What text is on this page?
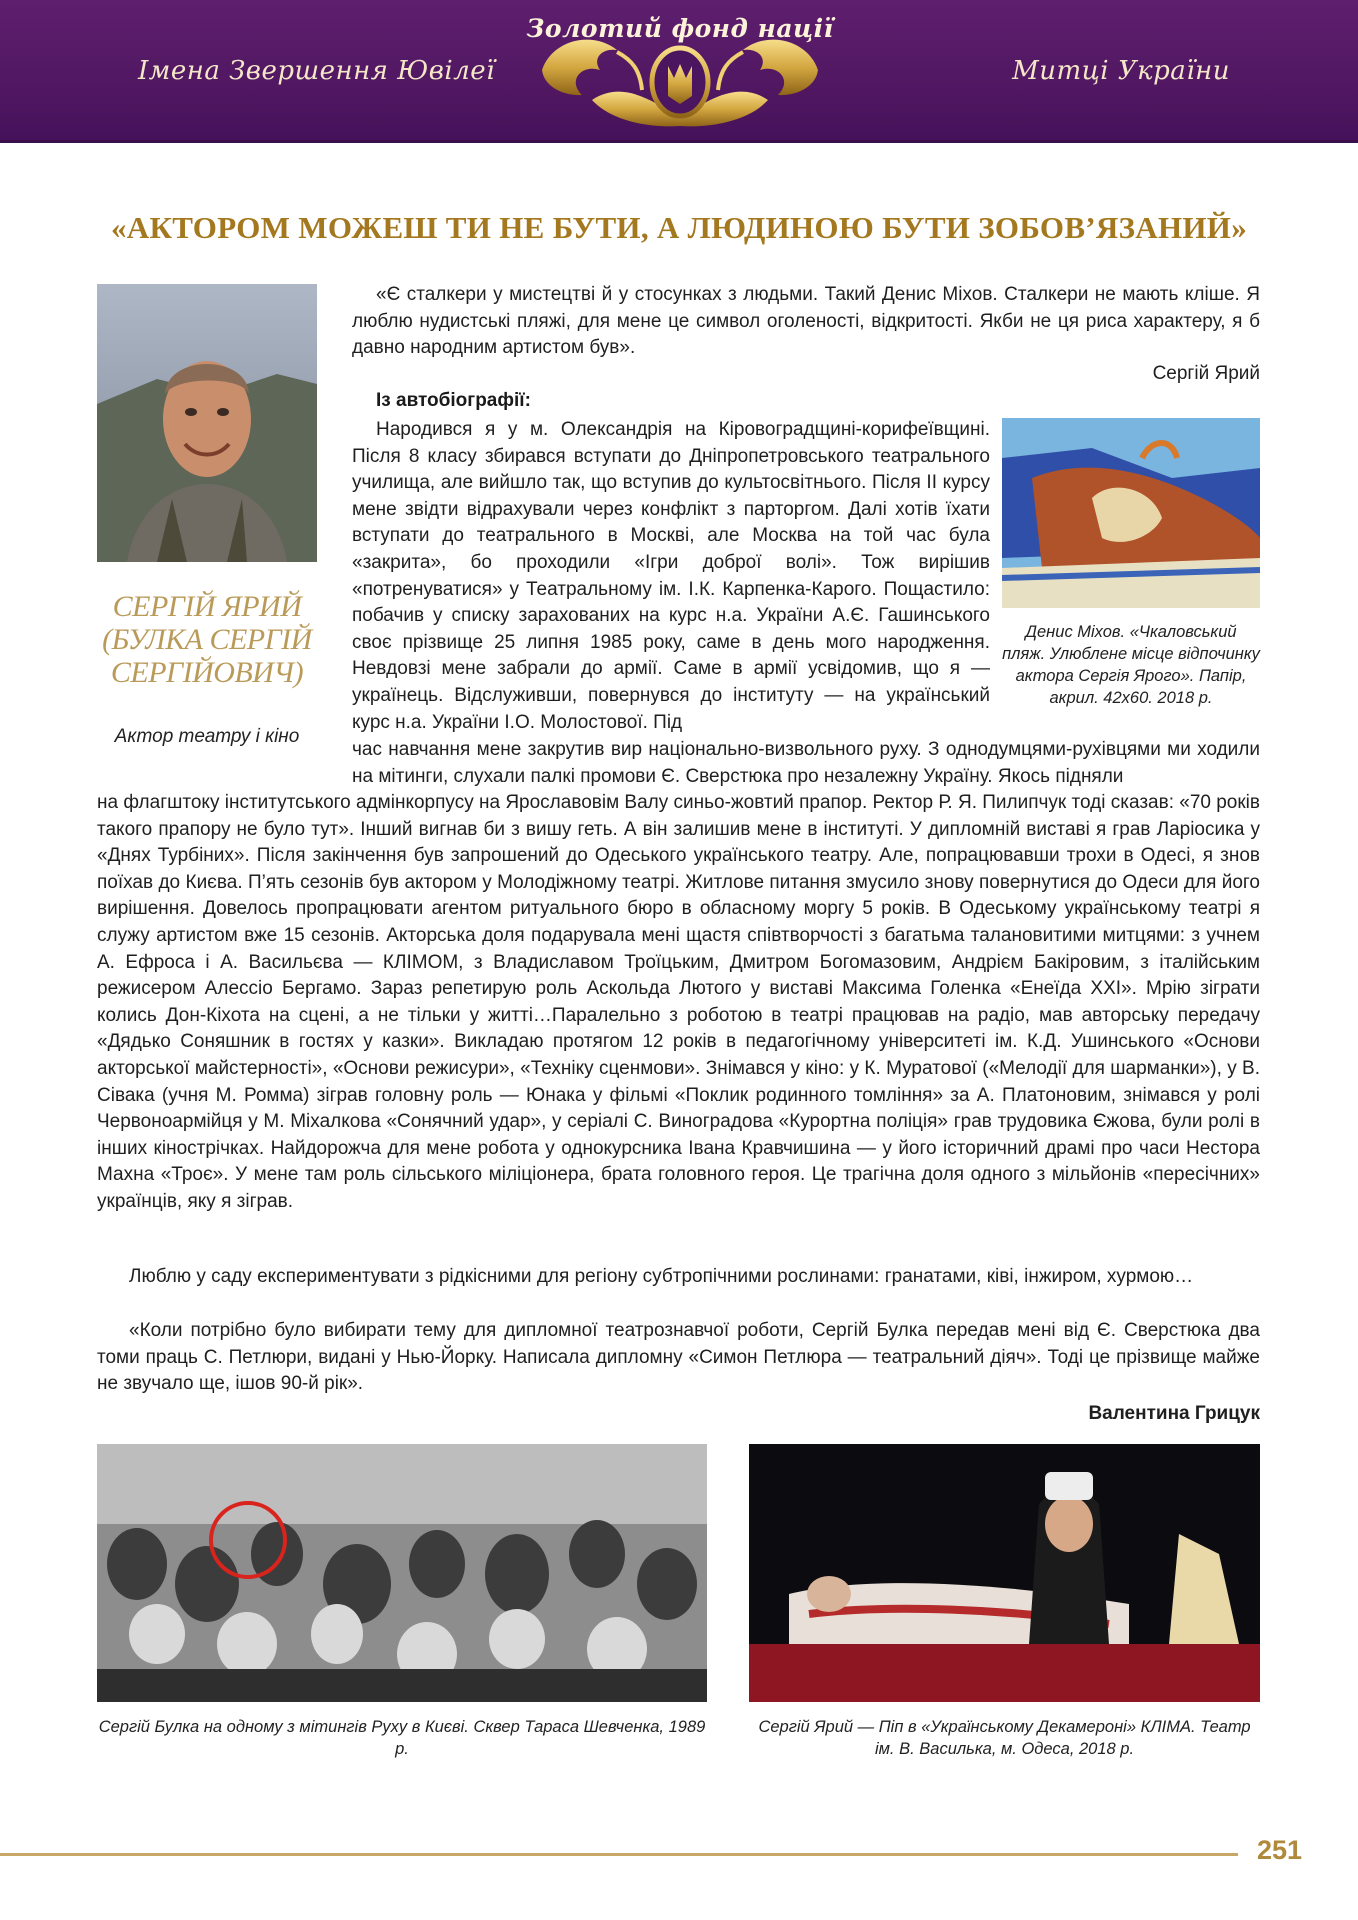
Імена Звершення Ювілеї
Золотий фонд нації
Митці України
«АКТОРОМ МОЖЕШ ТИ НЕ БУТИ, А ЛЮДИНОЮ БУТИ ЗОБОВ’ЯЗАНИЙ»
СЕРГІЙ ЯРИЙ (БУЛКА СЕРГІЙ СЕРГІЙОВИЧ)
Актор театру і кіно

«Є сталкери у мистецтві й у стосунках з людьми. Такий Денис Міхов. Сталкери не мають кліше. Я люблю нудистські пляжі, для мене це символ оголеності, відкритості. Якби не ця риса характеру, я б давно народним артистом був».

Сергій Ярий
Із автобіографії:

Народився я у м. Олександрія на Кіровоградщині-корифеївщині. Після 8 класу збирався вступати до Дніпропетровського театрального училища, але вийшло так, що вступив до культосвітнього. Після ІІ курсу мене звідти відрахували через конфлікт з парторгом. Далі хотів їхати вступати до театрального в Москві, але Москва на той час була «закрита», бо проходили «Ігри доброї волі». Тож вирішив «потренуватися» у Театральному ім. І.К. Карпенка-Карого. Пощастило: побачив у списку зарахованих на курс н.а. України А.Є. Гашинського своє прізвище 25 липня 1985 року, саме в день мого народження. Невдовзі мене забрали до армії. Саме в армії усвідомив, що я — українець. Відслуживши, повернувся до інституту — на український курс н.а. України І.О. Молостової. Під

Денис Міхов. «Чкаловський пляж. Улюблене місце відпочинку актора Сергія Ярого». Папір, акрил. 42х60. 2018 р.

час навчання мене закрутив вир національно-визвольного руху. З однодумцями-рухівцями ми ходили на мітинги, слухали палкі промови Є. Сверстюка про незалежну Україну. Якось підняли

на флагштоку інститутського адмінкорпусу на Ярославовім Валу синьо-жовтий прапор. Ректор Р. Я. Пилипчук тоді сказав: «70 років такого прапору не було тут». Інший вигнав би з вишу геть. А він залишив мене в інституті. У дипломній виставі я грав Ларіосика у «Днях Турбіних». Після закінчення був запрошений до Одеського українського театру. Але, попрацювавши трохи в Одесі, я знов поїхав до Києва. П’ять сезонів був актором у Молодіжному театрі. Житлове питання змусило знову повернутися до Одеси для його вирішення. Довелось пропрацювати агентом ритуального бюро в обласному моргу 5 років. В Одеському українському театрі я служу артистом вже 15 сезонів. Акторська доля подарувала мені щастя співтворчості з багатьма талановитими митцями: з учнем А. Ефроса і А. Васильєва — КЛІМОМ, з Владиславом Троїцьким, Дмитром Богомазовим, Андрієм Бакіровим, з італійським режисером Алессіо Бергамо. Зараз репетирую роль Аскольда Лютого у виставі Максима Голенка «Енеїда XXI». Мрію зіграти колись Дон-Кіхота на сцені, а не тільки у житті…Паралельно з роботою в театрі працював на радіо, мав авторську передачу «Дядько Соняшник в гостях у казки». Викладаю протягом 12 років в педагогічному університеті ім. К.Д. Ушинського «Основи акторської майстерності», «Основи режисури», «Техніку сценмови». Знімався у кіно: у К. Муратової («Мелодії для шарманки»), у В. Сівака (учня М. Ромма) зіграв головну роль — Юнака у фільмі «Поклик родинного томління» за А. Платоновим, знімався у ролі Червоноармійця у М. Міхалкова «Сонячний удар», у серіалі С. Виноградова «Курортна поліція» грав трудовика Єжова, були ролі в інших кінострічках. Найдорожча для мене робота у однокурсника Івана Кравчишина — у його історичний драмі про часи Нестора Махна «Троє». У мене там роль сільського міліціонера, брата головного героя. Це трагічна доля одного з мільйонів «пересічних» українців, яку я зіграв.

Люблю у саду експериментувати з рідкісними для регіону субтропічними рослинами: гранатами, ківі, інжиром, хурмою…

«Коли потрібно було вибирати тему для дипломної театрознавчої роботи, Сергій Булка передав мені від Є. Сверстюка два томи праць С. Петлюри, видані у Нью-Йорку. Написала дипломну «Симон Петлюра — театральний діяч». Тоді це прізвище майже не звучало ще, ішов 90-й рік».

Валентина Грицук
Сергій Булка на одному з мітингів Руху в Києві. Сквер Тараса Шевченка, 1989 р.
Сергій Ярий — Піп в «Українському Декамероні» КЛІМА. Театр ім. В. Василька, м. Одеса, 2018 р.
251
